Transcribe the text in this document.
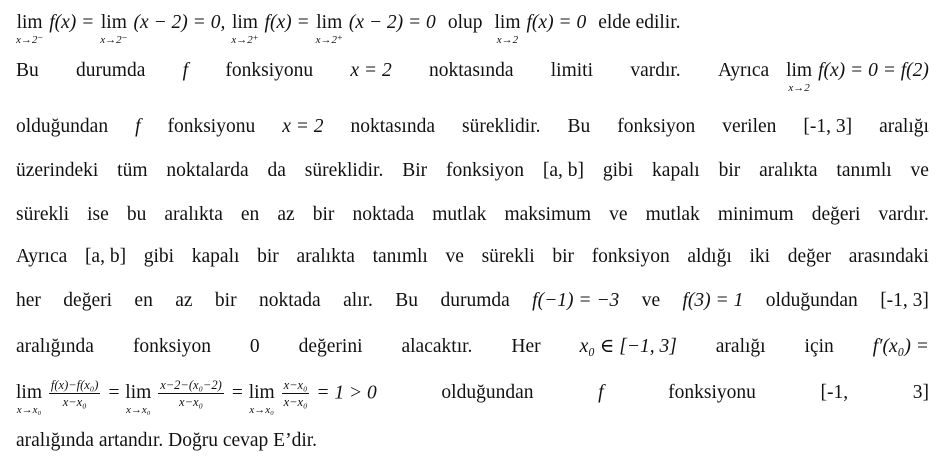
lim
x→2⁻
f(x) = lim
x→2⁻
(x − 2) = 0, lim
x→2⁺
f(x) = lim
x→2⁺
(x − 2) = 0 olup lim
x→2
f(x) = 0 elde edilir.
Bu durumda f fonksiyonu x = 2 noktasında limiti vardır. Ayrıca lim
x→2
f(x) = 0 = f(2)
olduğundan f fonksiyonu x = 2 noktasında süreklidir. Bu fonksiyon verilen [-1, 3] aralığı
üzerindeki tüm noktalarda da süreklidir. Bir fonksiyon [a, b] gibi kapalı bir aralıkta tanımlı ve
sürekli ise bu aralıkta en az bir noktada mutlak maksimum ve mutlak minimum değeri vardır.
Ayrıca [a, b] gibi kapalı bir aralıkta tanımlı ve sürekli bir fonksiyon aldığı iki değer arasındaki
her değeri en az bir noktada alır. Bu durumda f(−1) = −3 ve f(3) = 1 olduğundan [-1, 3]
aralığında fonksiyon 0 değerini alacaktır. Her x₀ ∈ [−1, 3] aralığı için f′(x₀) =
lim
x→x₀

$\frac{\text{f(x)−f(x₀)}}{\text{x−x₀}} = \lim$
x→x₀

$\frac{\text{x−2−(x₀−2)}}{\text{x−x₀}} = \lim$
x→x₀

$\frac{\text{x−x₀}}{\text{x−x₀}} = 1 > 0$	olduğundan	f	fonksiyonu	[-1,	3]
aralığında artandır. Doğru cevap E’dir.
